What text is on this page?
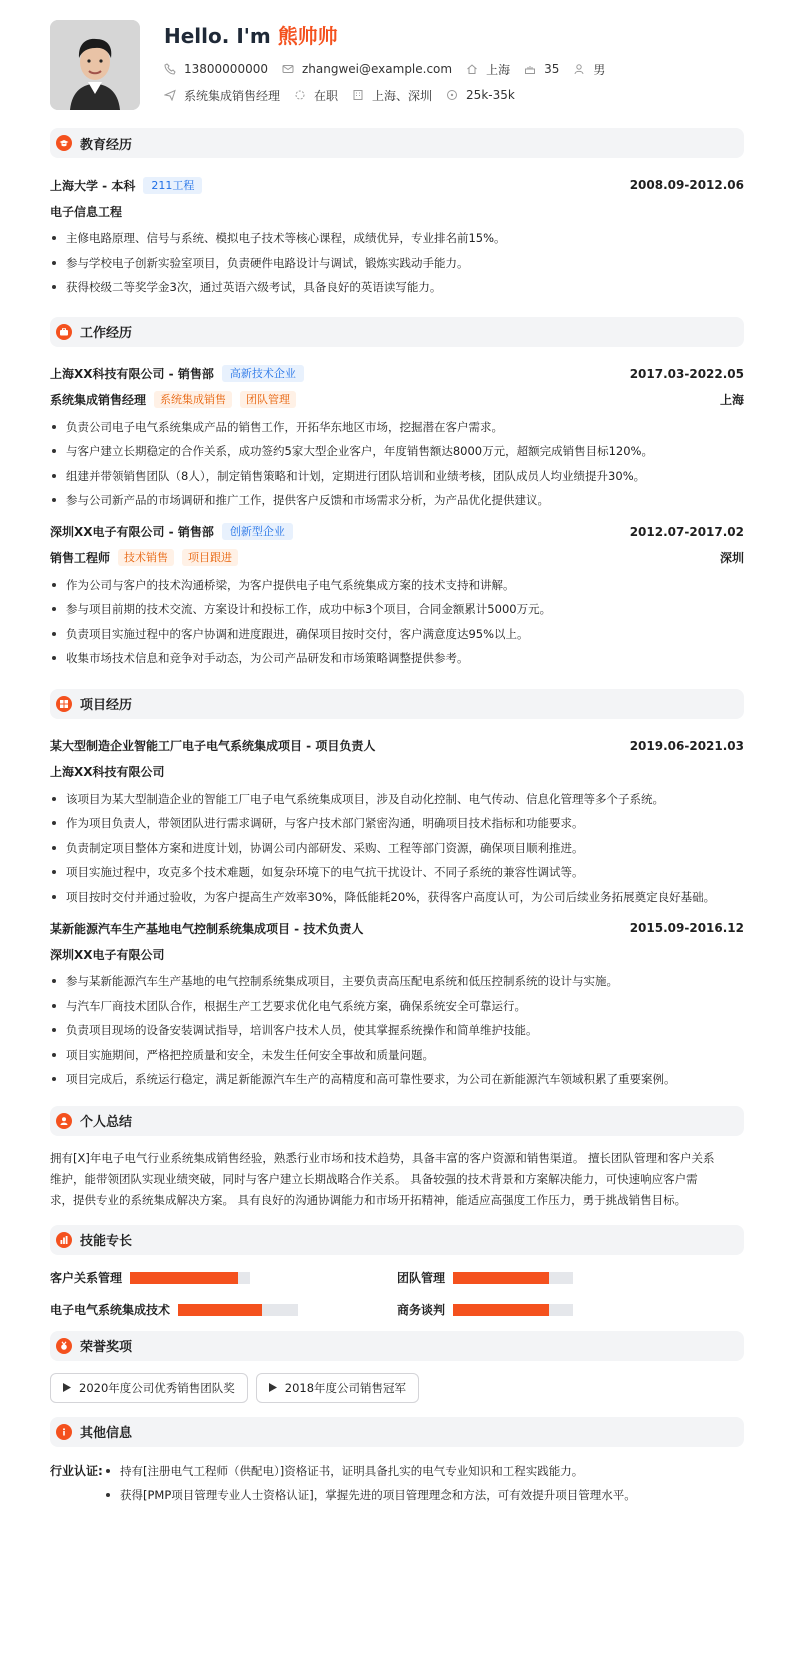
Hello. I'm 熊帅帅
13800000000	zhangwei@example.com	上海	35	男
系统集成销售经理	在职	上海、深圳	25k-35k
教育经历
上海大学 - 本科	211工程	2008.09-2012.06
电子信息工程
主修电路原理、信号与系统、模拟电子技术等核心课程，成绩优异，专业排名前15%。
参与学校电子创新实验室项目，负责硬件电路设计与调试，锻炼实践动手能力。
获得校级二等奖学金3次，通过英语六级考试，具备良好的英语读写能力。
工作经历
上海XX科技有限公司 - 销售部	高新技术企业	2017.03-2022.05
系统集成销售经理	系统集成销售	团队管理	上海
负责公司电子电气系统集成产品的销售工作，开拓华东地区市场，挖掘潜在客户需求。
与客户建立长期稳定的合作关系，成功签约5家大型企业客户，年度销售额达8000万元，超额完成销售目标120%。
组建并带领销售团队（8人），制定销售策略和计划，定期进行团队培训和业绩考核，团队成员人均业绩提升30%。
参与公司新产品的市场调研和推广工作，提供客户反馈和市场需求分析，为产品优化提供建议。
深圳XX电子有限公司 - 销售部	创新型企业	2012.07-2017.02
销售工程师	技术销售	项目跟进	深圳
作为公司与客户的技术沟通桥梁，为客户提供电子电气系统集成方案的技术支持和讲解。
参与项目前期的技术交流、方案设计和投标工作，成功中标3个项目，合同金额累计5000万元。
负责项目实施过程中的客户协调和进度跟进，确保项目按时交付，客户满意度达95%以上。
收集市场技术信息和竞争对手动态，为公司产品研发和市场策略调整提供参考。
项目经历
某大型制造企业智能工厂电子电气系统集成项目 - 项目负责人	2019.06-2021.03
上海XX科技有限公司
该项目为某大型制造企业的智能工厂电子电气系统集成项目，涉及自动化控制、电气传动、信息化管理等多个子系统。
作为项目负责人，带领团队进行需求调研，与客户技术部门紧密沟通，明确项目技术指标和功能要求。
负责制定项目整体方案和进度计划，协调公司内部研发、采购、工程等部门资源，确保项目顺利推进。
项目实施过程中，攻克多个技术难题，如复杂环境下的电气抗干扰设计、不同子系统的兼容性调试等。
项目按时交付并通过验收，为客户提高生产效率30%，降低能耗20%，获得客户高度认可，为公司后续业务拓展奠定良好基础。
某新能源汽车生产基地电气控制系统集成项目 - 技术负责人	2015.09-2016.12
深圳XX电子有限公司
参与某新能源汽车生产基地的电气控制系统集成项目，主要负责高压配电系统和低压控制系统的设计与实施。
与汽车厂商技术团队合作，根据生产工艺要求优化电气系统方案，确保系统安全可靠运行。
负责项目现场的设备安装调试指导，培训客户技术人员，使其掌握系统操作和简单维护技能。
项目实施期间，严格把控质量和安全，未发生任何安全事故和质量问题。
项目完成后，系统运行稳定，满足新能源汽车生产的高精度和高可靠性要求，为公司在新能源汽车领域积累了重要案例。
个人总结
拥有[X]年电子电气行业系统集成销售经验，熟悉行业市场和技术趋势，具备丰富的客户资源和销售渠道。 擅长团队管理和客户关系
维护，能带领团队实现业绩突破，同时与客户建立长期战略合作关系。 具备较强的技术背景和方案解决能力，可快速响应客户需
求，提供专业的系统集成解决方案。 具有良好的沟通协调能力和市场开拓精神，能适应高强度工作压力，勇于挑战销售目标。
技能专长
客户关系管理	团队管理
电子电气系统集成技术	商务谈判
荣誉奖项
2020年度公司优秀销售团队奖	2018年度公司销售冠军
其他信息
行业认证:	持有[注册电气工程师（供配电）]资格证书，证明具备扎实的电气专业知识和工程实践能力。
获得[PMP项目管理专业人士资格认证]，掌握先进的项目管理理念和方法，可有效提升项目管理水平。
